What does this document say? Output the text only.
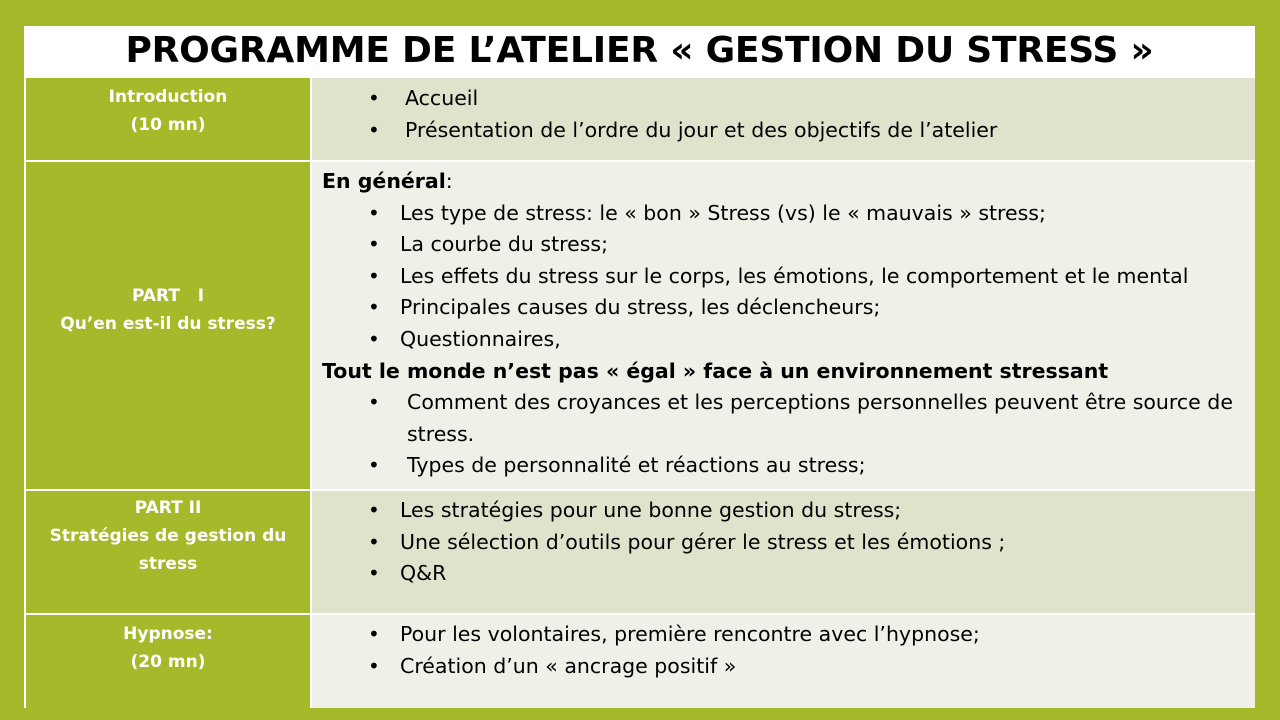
PROGRAMME DE L’ATELIER « GESTION DU STRESS »
Introduction
(10 mn)
• Accueil
• Présentation de l’ordre du jour et des objectifs de l’atelier
PART   I
Qu’en est-il du stress?
En général:
• Les type de stress: le « bon » Stress (vs) le « mauvais » stress;
• La courbe du stress;
• Les effets du stress sur le corps, les émotions, le comportement et le mental
• Principales causes du stress, les déclencheurs;
• Questionnaires,
Tout le monde n’est pas « égal » face à un environnement stressant
• Comment des croyances et les perceptions personnelles peuvent être source de stress.
• Types de personnalité et réactions au stress;
PART II
Stratégies de gestion du
stress
• Les stratégies pour une bonne gestion du stress;
• Une sélection d’outils pour gérer le stress et les émotions ;
• Q&R
Hypnose:
(20 mn)
• Pour les volontaires, première rencontre avec l’hypnose;
• Création d’un « ancrage positif »
